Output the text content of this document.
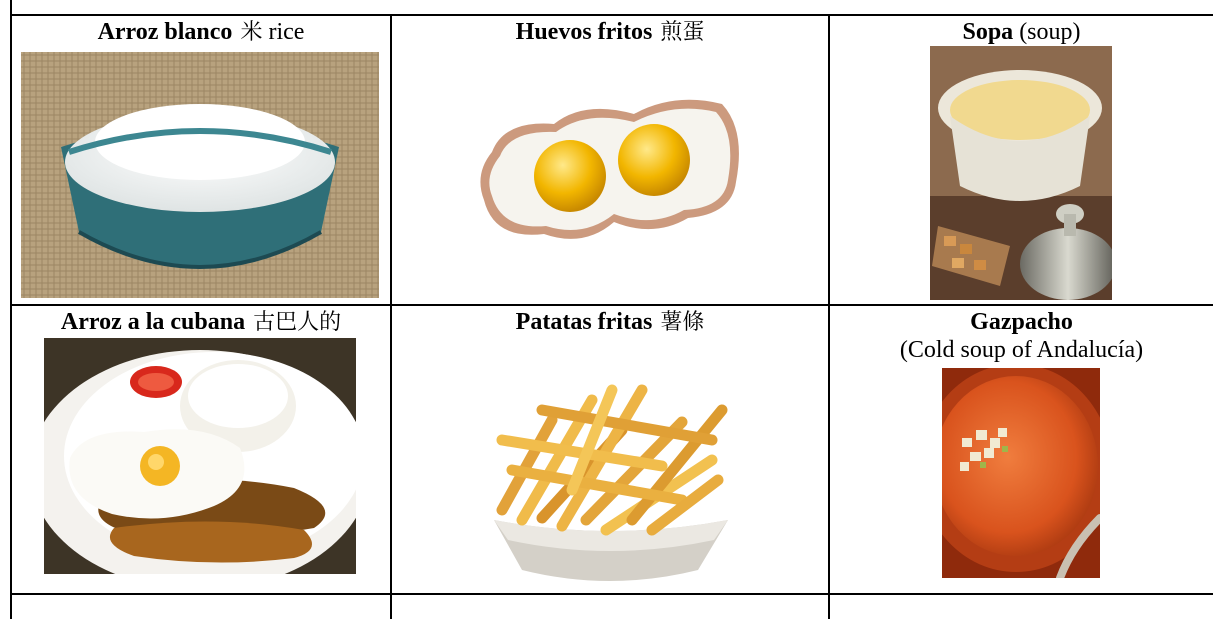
Arroz blanco 米 rice	Huevos fritos 煎蛋	Sopa (soup)
Arroz a la cubana 古巴人的	Patatas fritas 薯條	Gazpacho
(Cold soup of Andalucía)
